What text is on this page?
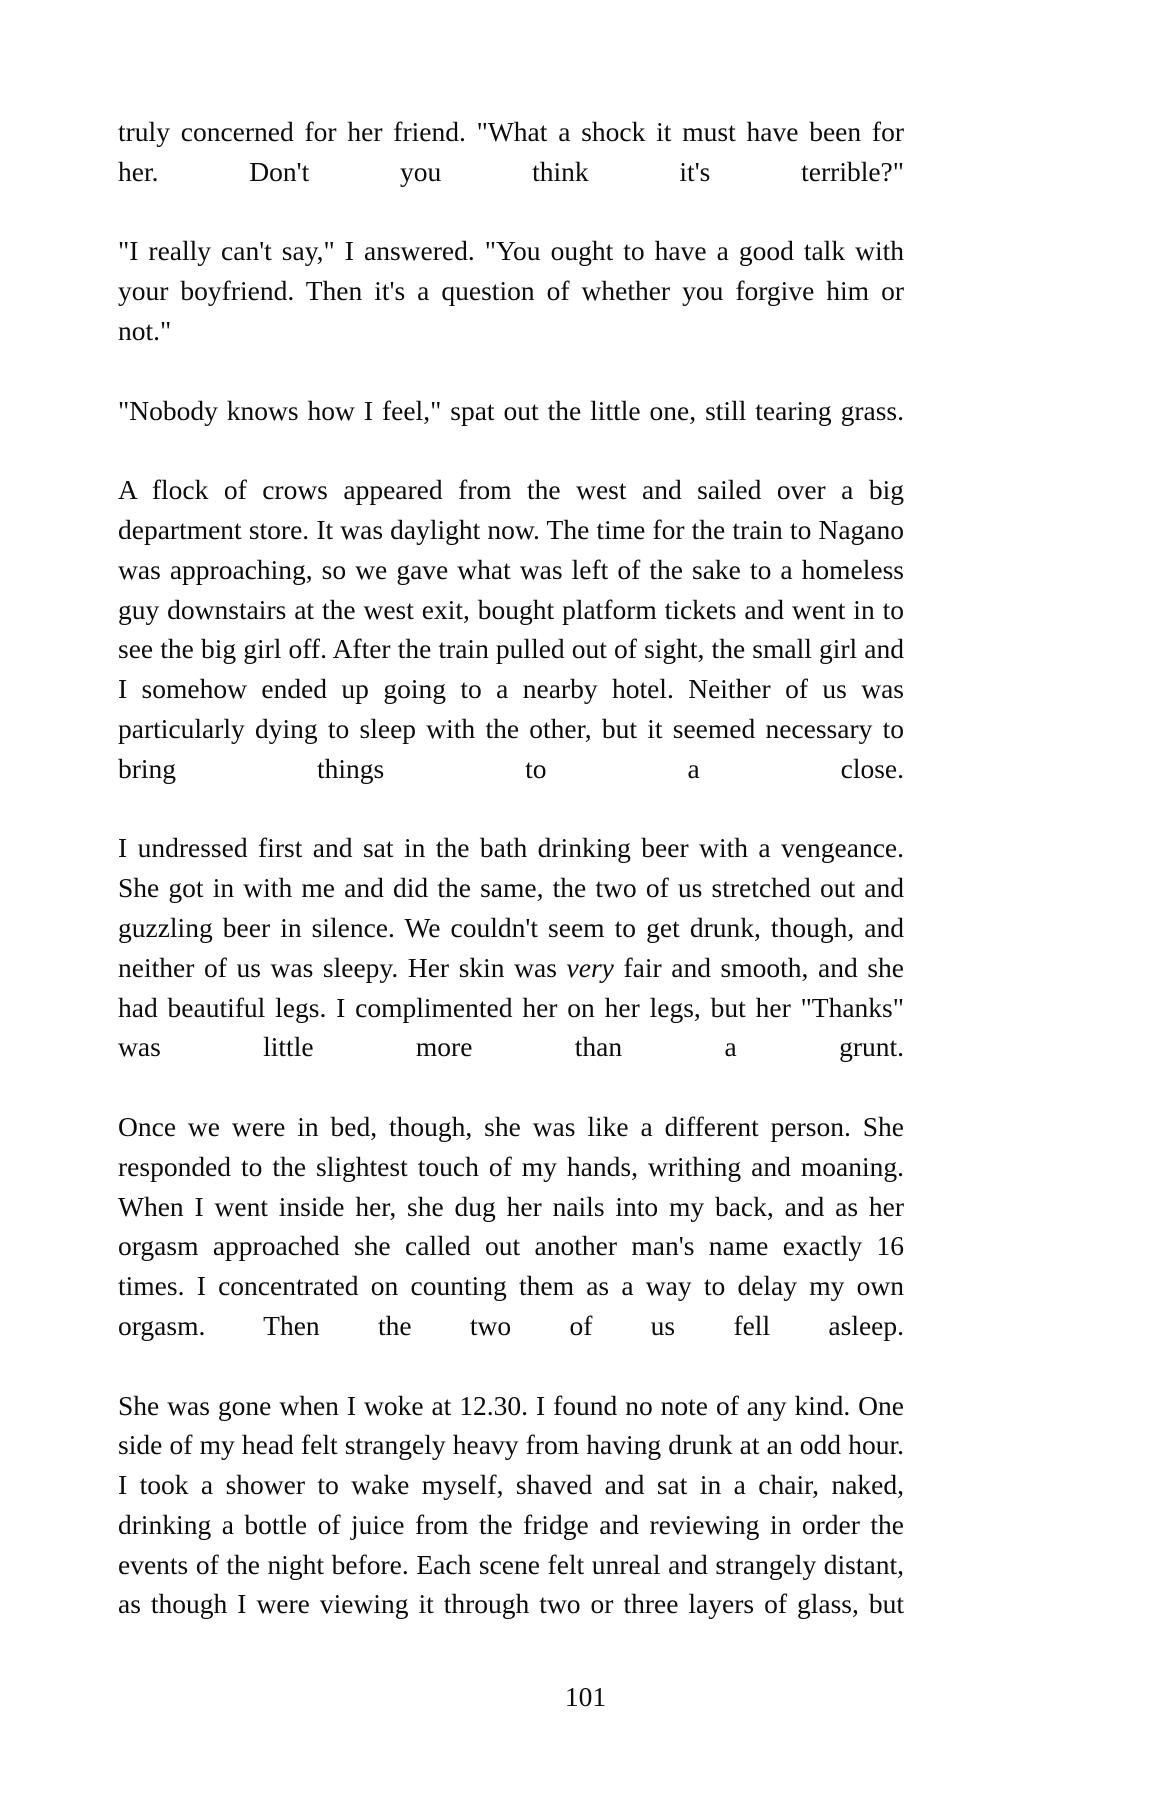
truly concerned for her friend. "What a shock it must have been for her. Don't you think it's terrible?"

"I really can't say," I answered. "You ought to have a good talk with your boyfriend. Then it's a question of whether you forgive him or not."

"Nobody knows how I feel," spat out the little one, still tearing grass.

A flock of crows appeared from the west and sailed over a big department store. It was daylight now. The time for the train to Nagano was approaching, so we gave what was left of the sake to a homeless guy downstairs at the west exit, bought platform tickets and went in to see the big girl off. After the train pulled out of sight, the small girl and I somehow ended up going to a nearby hotel. Neither of us was particularly dying to sleep with the other, but it seemed necessary to bring things to a close.

I undressed first and sat in the bath drinking beer with a vengeance. She got in with me and did the same, the two of us stretched out and guzzling beer in silence. We couldn't seem to get drunk, though, and neither of us was sleepy. Her skin was very fair and smooth, and she had beautiful legs. I complimented her on her legs, but her "Thanks" was little more than a grunt.

Once we were in bed, though, she was like a different person. She responded to the slightest touch of my hands, writhing and moaning. When I went inside her, she dug her nails into my back, and as her orgasm approached she called out another man's name exactly 16 times. I concentrated on counting them as a way to delay my own orgasm. Then the two of us fell asleep.

She was gone when I woke at 12.30. I found no note of any kind. One side of my head felt strangely heavy from having drunk at an odd hour. I took a shower to wake myself, shaved and sat in a chair, naked, drinking a bottle of juice from the fridge and reviewing in order the events of the night before. Each scene felt unreal and strangely distant, as though I were viewing it through two or three layers of glass, but

101
